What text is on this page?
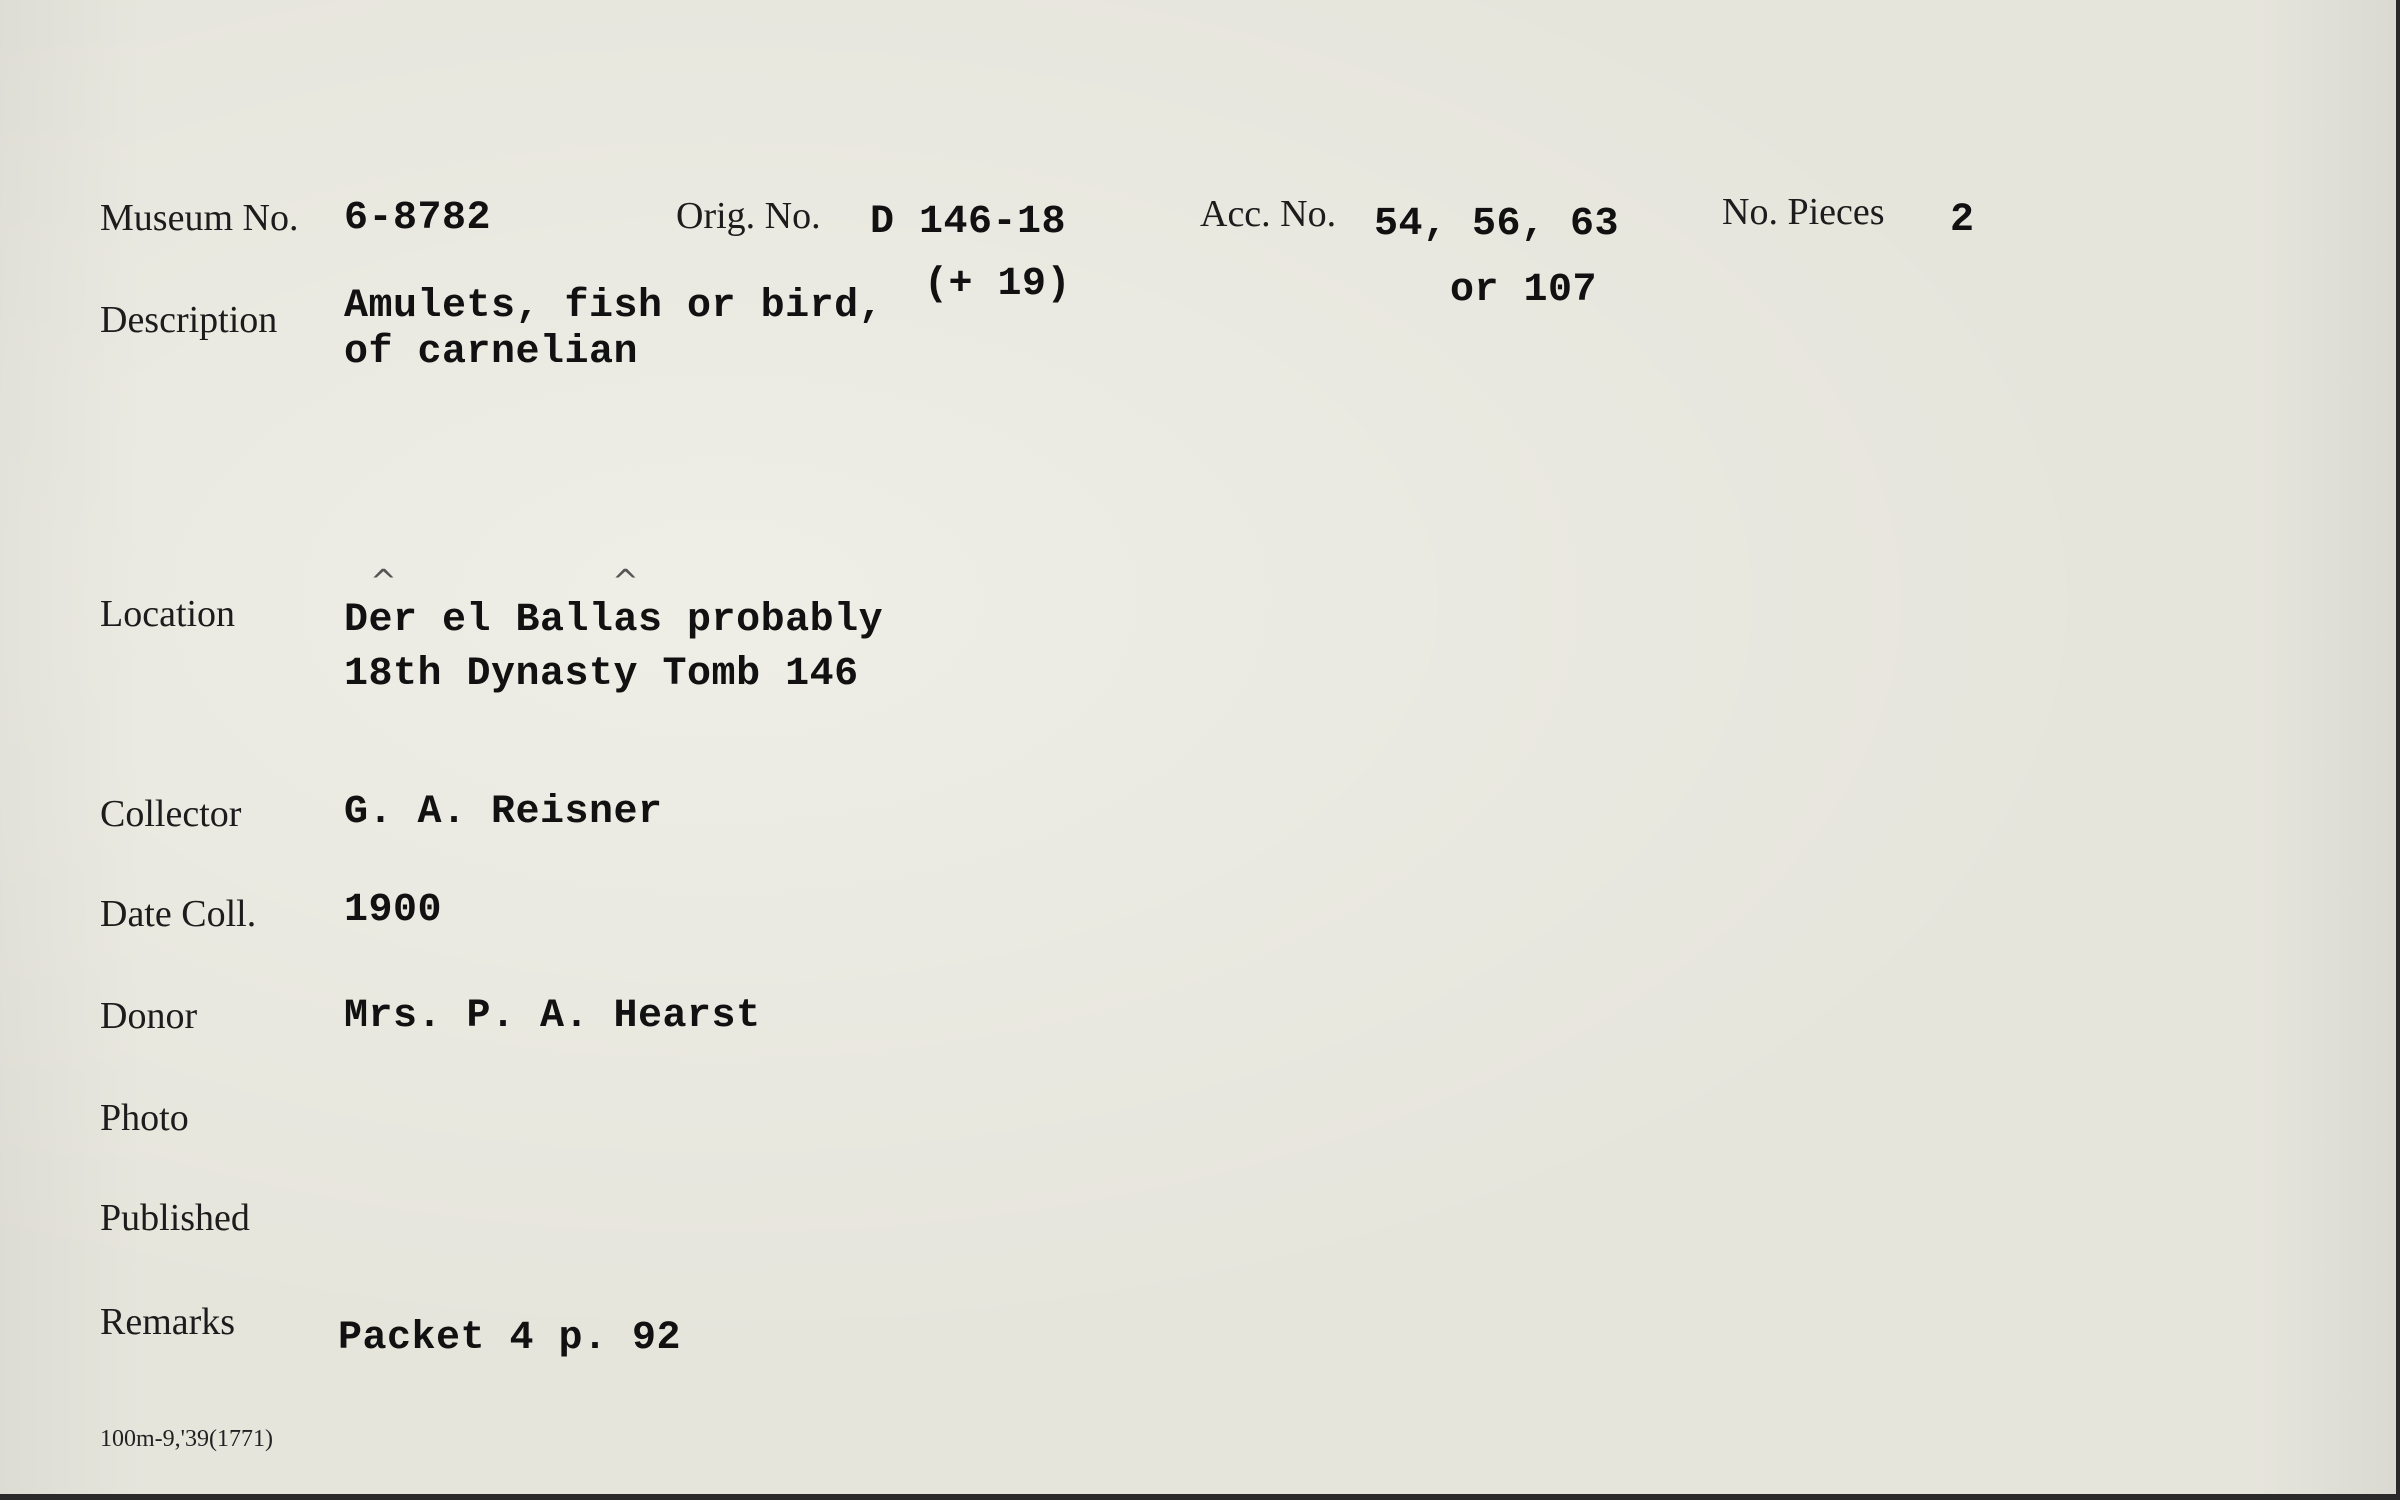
Museum No. 6-8782	Orig. No. D 146-18
(+ 19)
Acc. No. 54, 56, 63
or 107
No. Pieces 2
Description Amulets, fish or bird,
of carnelian
Location
^	^
Der el Ballas probably
18th Dynasty Tomb 146
Collector	G. A. Reisner
Date Coll. 1900
Donor	Mrs. P. A. Hearst
Photo
Published
Remarks	Packet 4 p. 92
100m-9,'39(1771)
